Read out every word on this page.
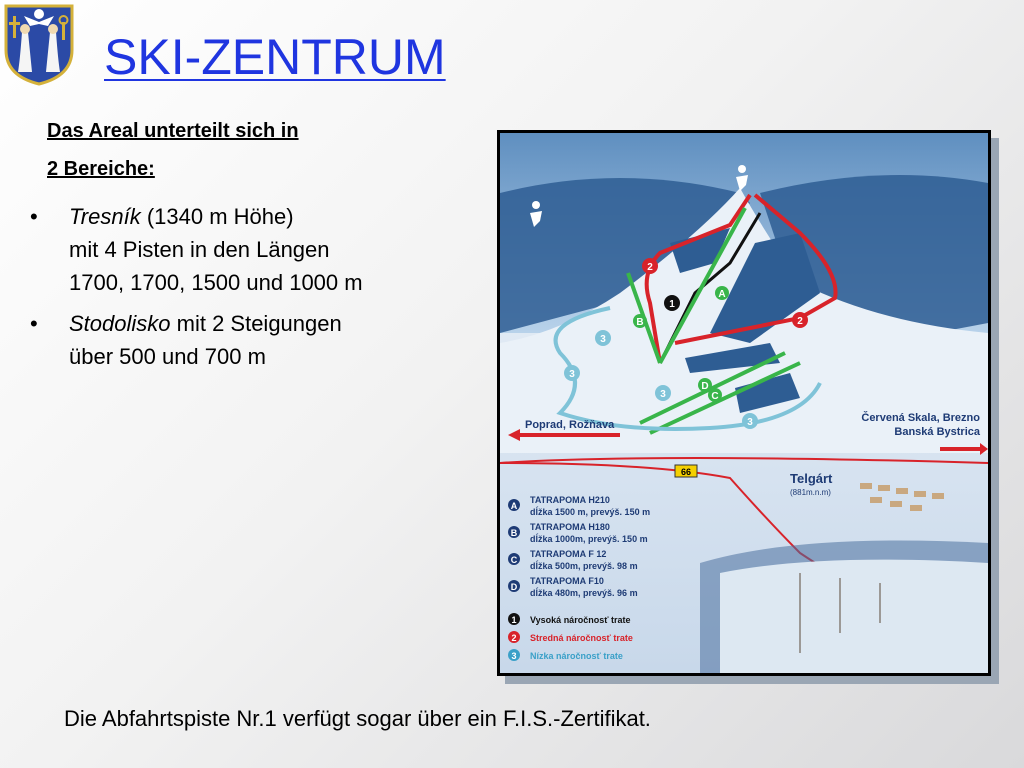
SKI-ZENTRUM
Das Areal unterteilt sich in
2 Bereiche:
• Tresník (1340 m Höhe)
mit 4 Pisten in den Längen
1700, 1700, 1500 und 1000 m
• Stodolisko mit 2 Steigungen
über 500 und 700 m
A
B
C
D
2
2
1
3
3
3
3
Poprad, Rožňava
Červená Skala, Brezno
Banská Bystrica
66	Telgárt
(881m.n.m)
A
TATRAPOMA H210
dĺžka 1500 m, prevýš. 150 m
B
TATRAPOMA H180
dĺžka 1000m, prevýš. 150 m
C
TATRAPOMA F 12
dĺžka 500m, prevýš. 98 m
D
TATRAPOMA F10
dĺžka 480m, prevýš. 96 m
1 Vysoká náročnosť trate
2 Stredná náročnosť trate
3 Nízka náročnosť trate
Die Abfahrtspiste Nr.1 verfügt sogar über ein F.I.S.-Zertifikat.
